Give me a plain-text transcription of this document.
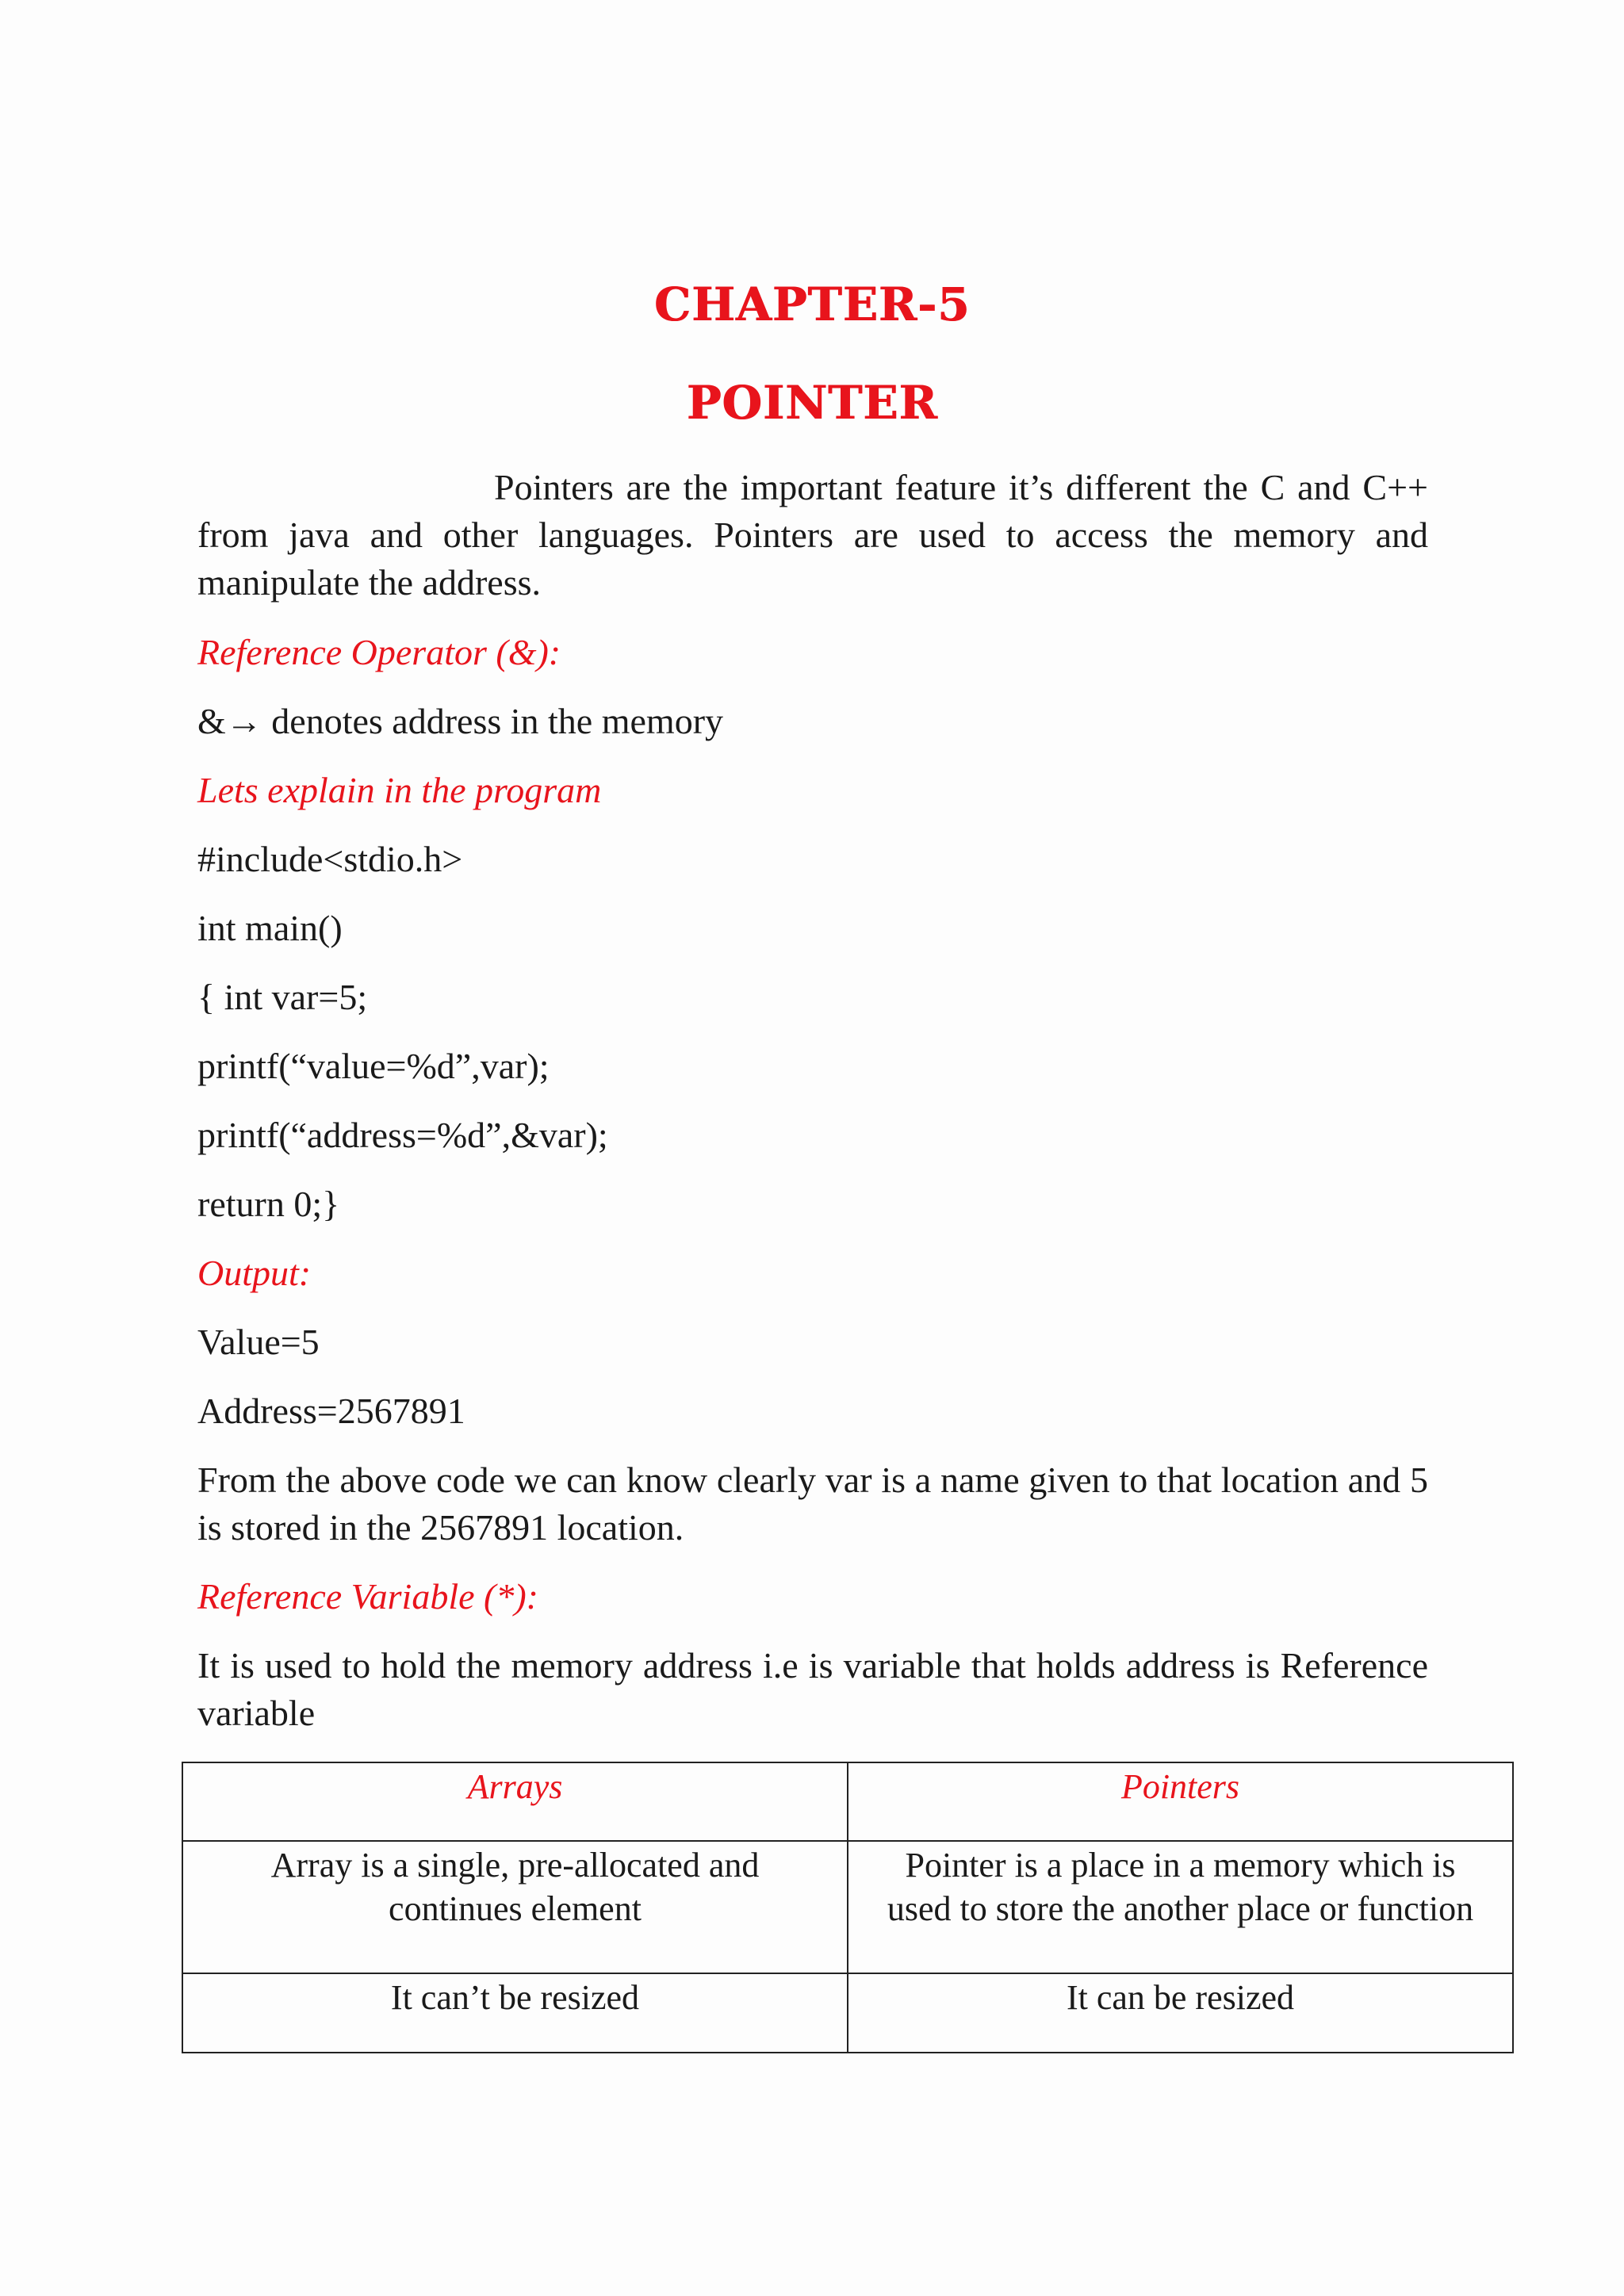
CHAPTER-5
POINTER

Pointers are the important feature it’s different the C and C++ from java and other languages. Pointers are used to access the memory and manipulate the address.

Reference Operator (&):
&→ denotes address in the memory
Lets explain in the program
#include<stdio.h>
int main()
{ int var=5;
printf(“value=%d”,var);
printf(“address=%d”,&var);
return 0;}
Output:
Value=5
Address=2567891

From the above code we can know clearly var is a name given to that location and 5 is stored in the 2567891 location.

Reference Variable (*):

It is used to hold the memory address i.e is variable that holds address is Reference variable

Arrays	Pointers
Array is a single, pre-allocated and continues element	Pointer is a place in a memory which is used to store the another place or function
It can’t be resized	It can be resized
